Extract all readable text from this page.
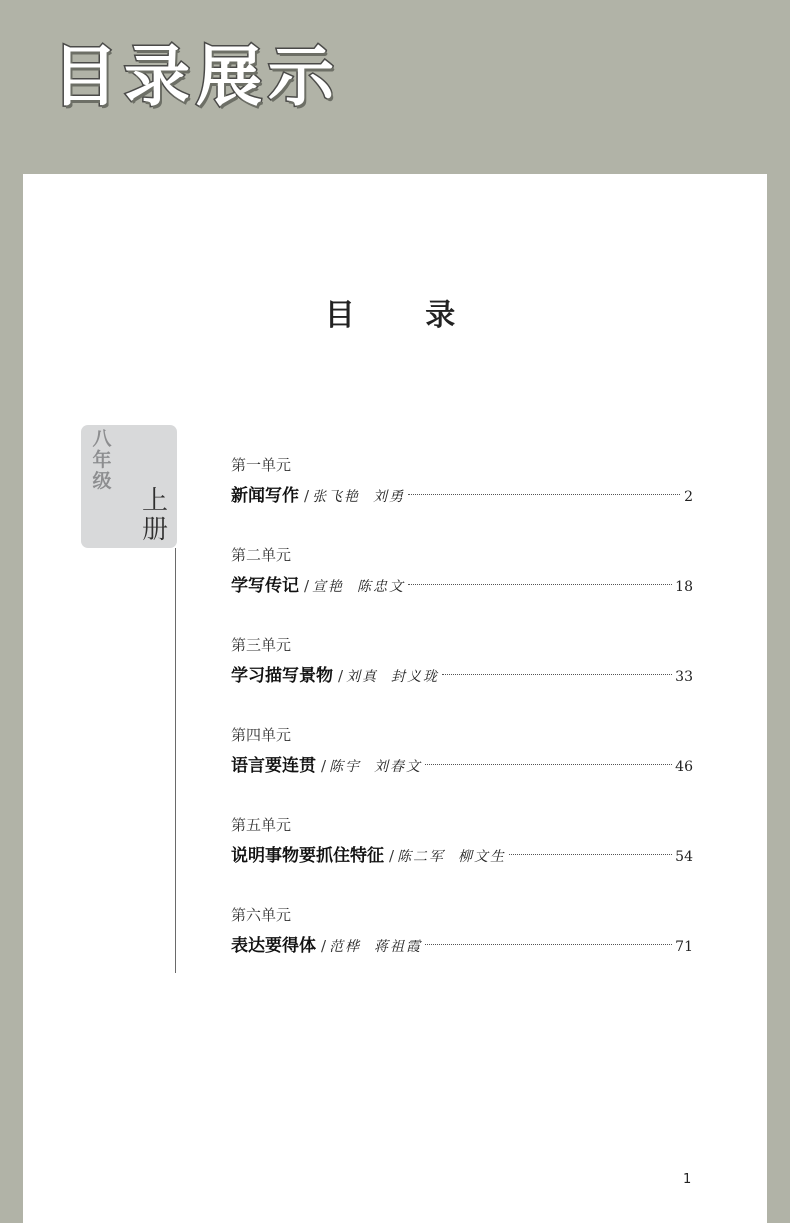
目录展示
目 录
八年级
上册
第一单元
新闻写作 / 张飞艳  刘勇	2
第二单元
学写传记 / 宣艳  陈忠文	18
第三单元
学习描写景物 / 刘真  封义珑	33
第四单元
语言要连贯 / 陈宇  刘春文	46
第五单元
说明事物要抓住特征 / 陈二军  柳文生	54
第六单元
表达要得体 / 范桦  蒋祖霞	71
1
